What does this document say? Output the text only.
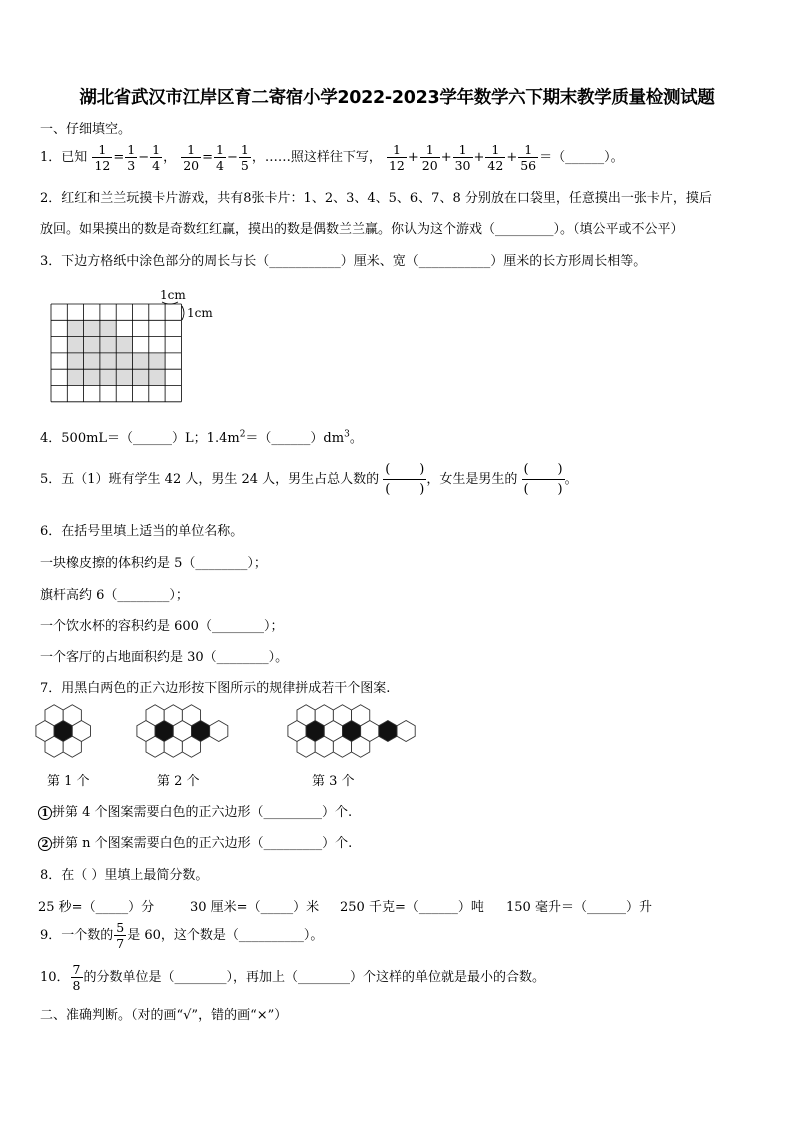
湖北省武汉市江岸区育二寄宿小学2022-2023学年数学六下期末教学质量检测试题
一、仔细填空。
1．已知 $\frac{1}{12} = \frac{1}{3} - \frac{1}{4}$ ， $\frac{1}{20} = \frac{1}{4} - \frac{1}{5}$ ，……照这样往下写， $\frac{1}{12} + \frac{1}{20} + \frac{1}{30} + \frac{1}{42} + \frac{1}{56}$ ＝（______）。
2．红红和兰兰玩摸卡片游戏，共有8张卡片：1、2、3、4、5、6、7、8 分别放在口袋里，任意摸出一张卡片，摸后
放回。如果摸出的数是奇数红红赢，摸出的数是偶数兰兰赢。你认为这个游戏（_________）。（填公平或不公平）
3．下边方格纸中涂色部分的周长与长（___________）厘米、宽（___________）厘米的长方形周长相等。
1cm
1cm
4．500mL＝（______）L；$1.4m^2=(\_\_\_\_\_\_)dm^3$。
5．五（1）班有学生 42 人，男生 24 人，男生占总人数的 $\frac{( )}{( )}$ ，女生是男生的 $\frac{( )}{( )}$ 。
6．在括号里填上适当的单位名称。
一块橡皮擦的体积约是 5（________）；
旗杆高约 6（________）；
一个饮水杯的容积约是 600（________）；
一个客厅的占地面积约是 30（________）。
7．用黑白两色的正六边形按下图所示的规律拼成若干个图案.
第 1 个	第 2 个	第 3 个
1 拼第 4 个图案需要白色的正六边形（_________）个.
2 拼第 n 个图案需要白色的正六边形（_________）个.
8．在（ ）里填上最简分数。
25 秒=（_____）分	30 厘米=（_____）米 250 千克=（______）吨 150 毫升＝（______）升
9．一个数的 $\frac{5}{7}$ 是 60，这个数是（__________）。
10． $\frac{7}{8}$ 的分数单位是（________），再加上（________）个这样的单位就是最小的合数。
二、准确判断。（对的画“√”，错的画“×”）
